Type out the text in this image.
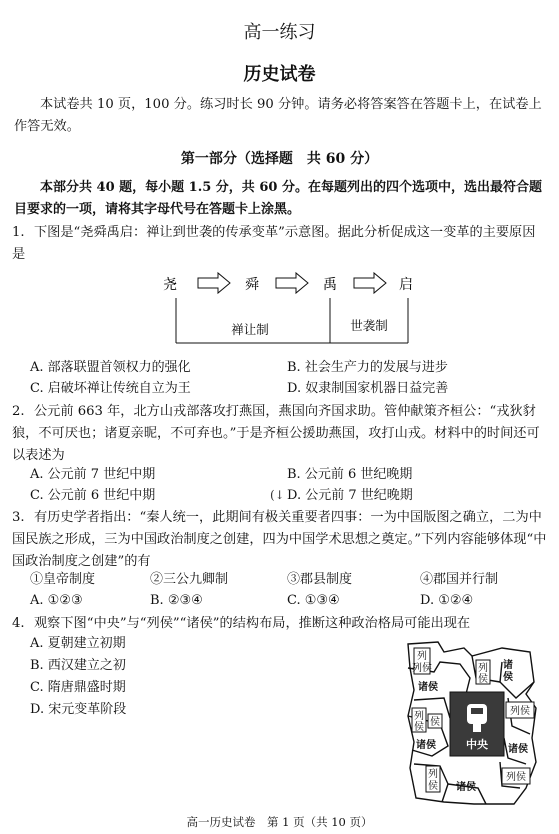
高一练习
历史试卷
本试卷共 10 页，100 分。练习时长 90 分钟。请务必将答案答在答题卡上，在试卷上作答无效。
第一部分（选择题　共 60 分）
本部分共 40 题，每小题 1.5 分，共 60 分。在每题列出的四个选项中，选出最符合题目要求的一项，请将其字母代号在答题卡上涂黑。
1. 下图是“尧舜禹启：禅让到世袭的传承变革”示意图。据此分析促成这一变革的主要原因是
尧	舜	禹	启
禅让制	世袭制
A. 部落联盟首领权力的强化	B. 社会生产力的发展与进步
C. 启破坏禅让传统自立为王	D. 奴隶制国家机器日益完善
2. 公元前 663 年，北方山戎部落攻打燕国，燕国向齐国求助。管仲献策齐桓公：“戎狄豺狼，不可厌也；诸夏亲昵，不可弃也。”于是齐桓公援助燕国，攻打山戎。材料中的时间还可以表述为
A. 公元前 7 世纪中期	B. 公元前 6 世纪晚期
C. 公元前 6 世纪中期	(↓ D. 公元前 7 世纪晚期
3. 有历史学者指出：“秦人统一，此期间有极关重要者四事：一为中国版图之确立，二为中国民族之形成，三为中国政治制度之创建，四为中国学术思想之奠定。”下列内容能够体现“中国政治制度之创建”的有
①皇帝制度	②三公九卿制	③郡县制度	④郡国并行制
A. ①②③	B. ②③④	C. ①③④	D. ①②④
4. 观察下图“中央”与“列侯”“诸侯”的结构布局，推断这种政治格局可能出现在
A. 夏朝建立初期
B. 西汉建立之初
C. 隋唐鼎盛时期
D. 宋元变革阶段
中央
列
列侯	列
侯
列
侯
列侯
列
侯
列侯
侯
诸侯
诸
侯
诸侯	诸侯
诸侯
高一历史试卷　第 1 页（共 10 页）
